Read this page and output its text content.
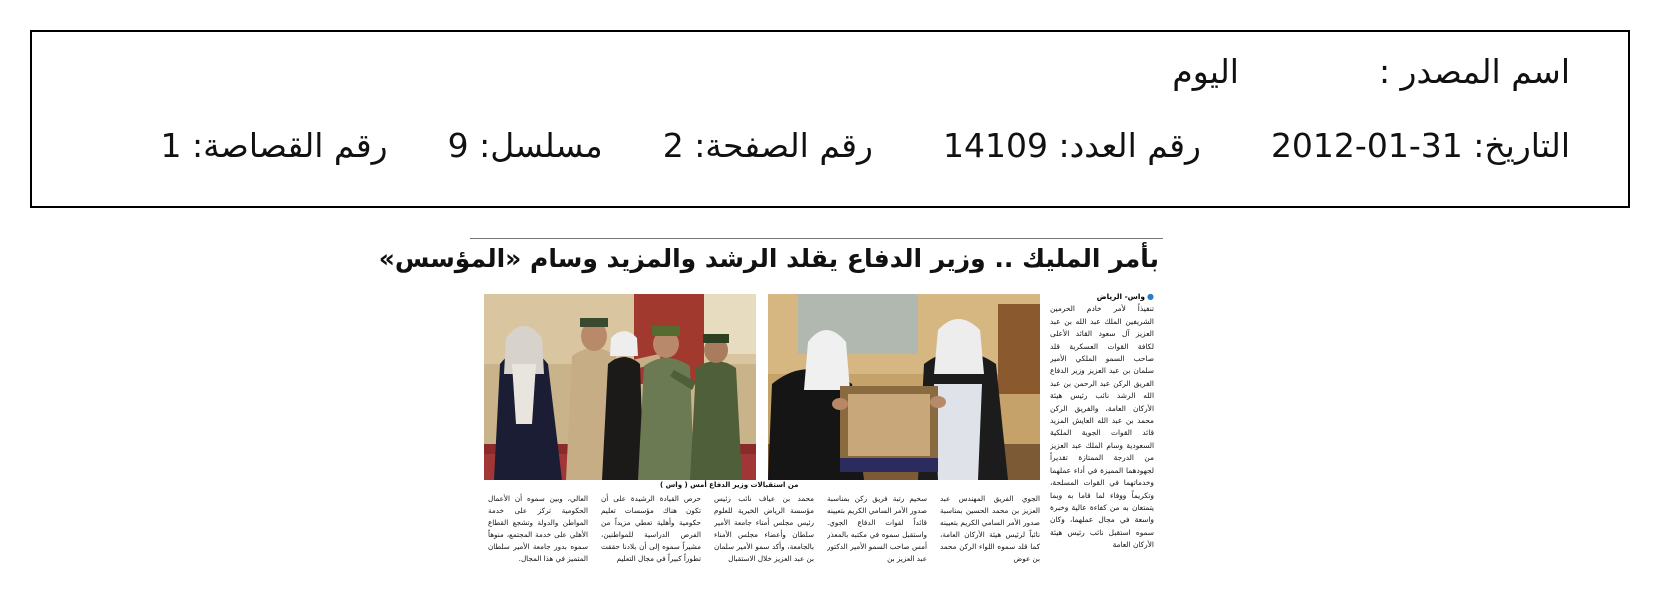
اسم المصدر :اليوم
التاريخ: 2012-01-31رقم العدد: 14109رقم الصفحة: 2مسلسل: 9رقم القصاصة: 1
بأمر المليك .. وزير الدفاع يقلد الرشد والمزيد وسام «المؤسس»
من استقبالات وزير الدفاع أمس ( واس )
● واس- الرياض
تنفيذاً لأمر خادم الحرمين الشريفين الملك عبد الله بن عبد العزيز آل سعود القائد الأعلى لكافة القوات العسكرية قلد صاحب السمو الملكي الأمير سلمان بن عبد العزيز وزير الدفاع الفريق الركن عبد الرحمن بن عبد الله الرشد نائب رئيس هيئة الأركان العامة، والفريق الركن محمد بن عبد الله العايش المزيد قائد القوات الجوية الملكية السعودية وسام الملك عبد العزيز من الدرجة الممتازة تقديراً لجهودهما المميزة في أداء عملهما وخدماتهما في القوات المسلحة، وتكريماً ووفاء لما قاما به وبما يتمتعان به من كفاءة عالية وخبرة واسعة في مجال عملهما، وكان سموه استقبل نائب رئيس هيئة الأركان العامة
الجوي الفريق المهندس عبد العزيز بن محمد الحسين بمناسبة صدور الأمر السامي الكريم بتعيينه نائباً لرئيس هيئة الأركان العامة، كما قلد سموه اللواء الركن محمد بن عوض
سحيم رتبة فريق ركن بمناسبة صدور الأمر السامي الكريم بتعيينه قائداً لقوات الدفاع الجوي. واستقبل سموه في مكتبه بالمعذر أمس صاحب السمو الأمير الدكتور عبد العزيز بن
محمد بن عياف نائب رئيس مؤسسة الرياض الخيرية للعلوم رئيس مجلس أمناء جامعة الأمير سلطان وأعضاء مجلس الأمناء بالجامعة، وأكد سمو الأمير سلمان بن عبد العزيز خلال الاستقبال
حرص القيادة الرشيدة على أن تكون هناك مؤسسات تعليم حكومية وأهلية تعطي مزيداً من الفرص الدراسية للمواطنين، مشيراً سموه إلى أن بلادنا حققت تطوراً كبيراً في مجال التعليم
العالي، وبين سموه أن الأعمال الحكومية تركز على خدمة المواطن والدولة وتشجع القطاع الأهلي على خدمة المجتمع، منوهاً سموه بدور جامعة الأمير سلطان المتميز في هذا المجال.
